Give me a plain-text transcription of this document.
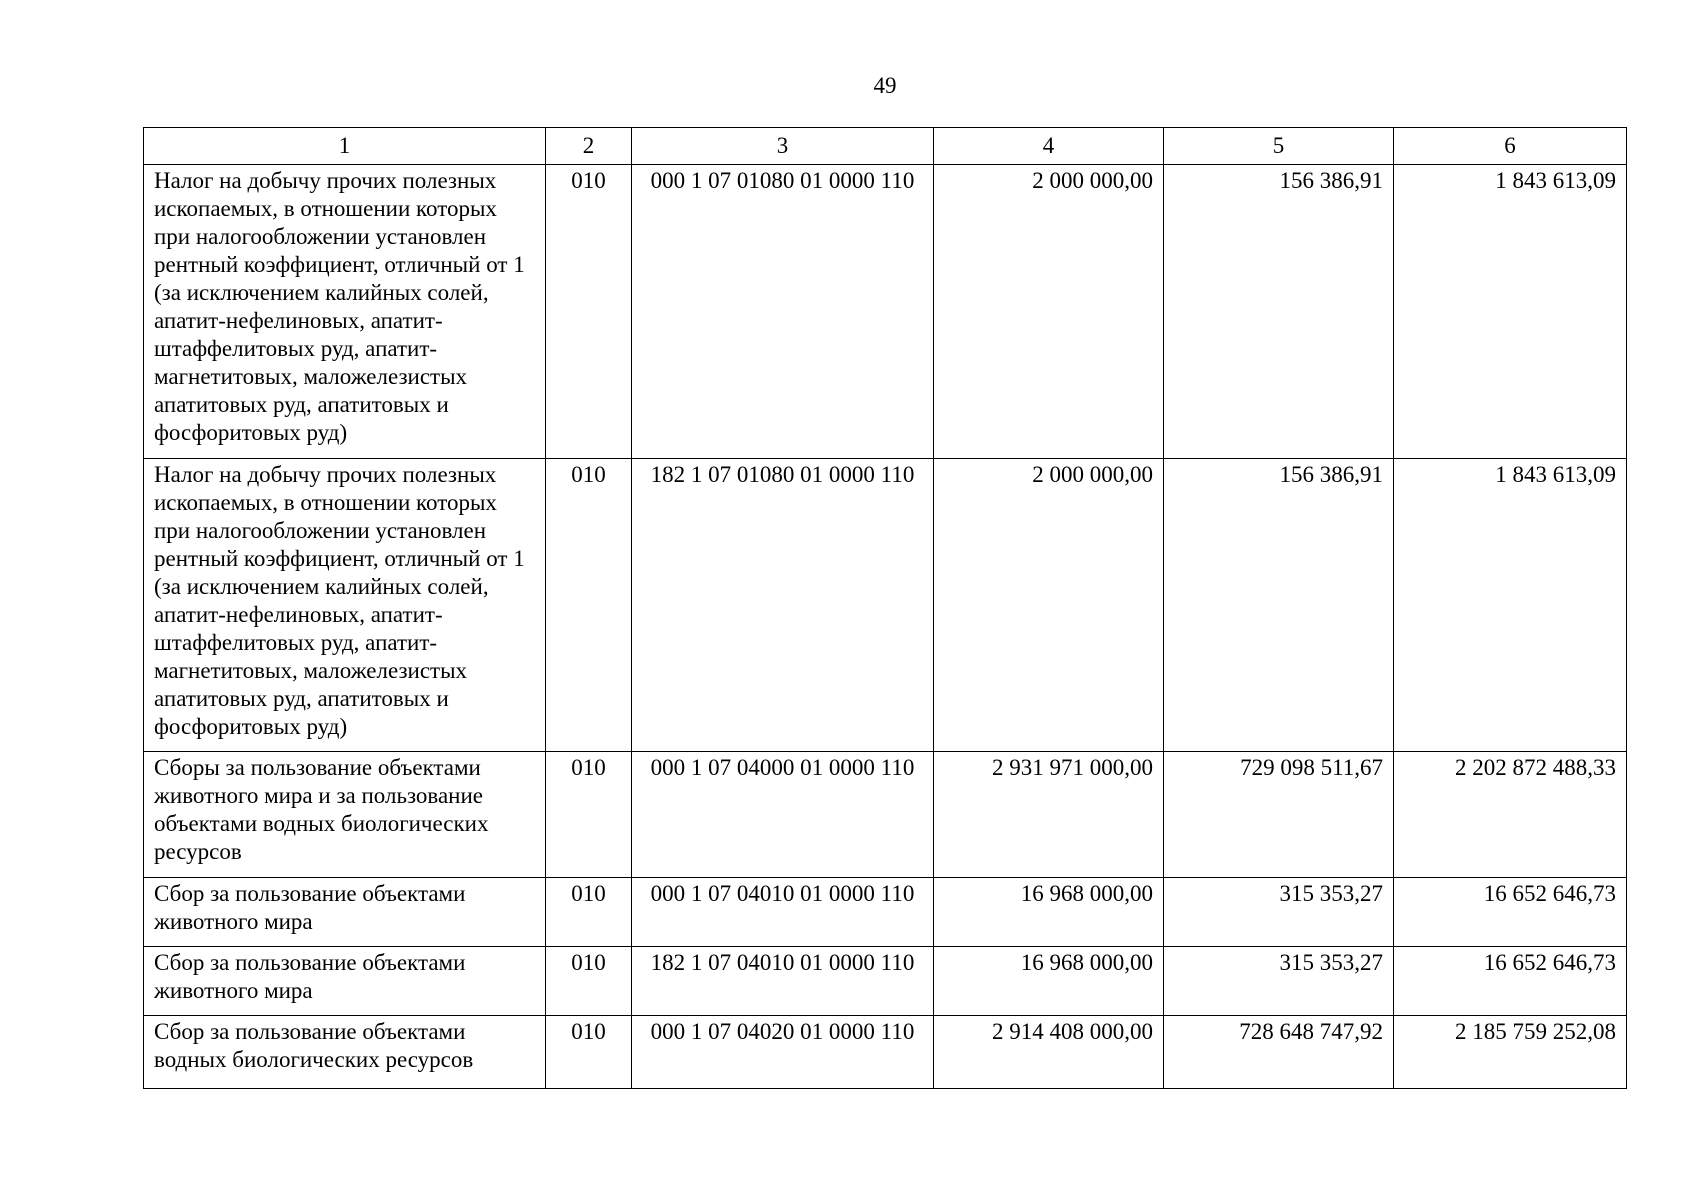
49
1	2	3	4	5	6
Налог на добычу прочих полезных ископаемых, в отношении которых при налогообложении установлен рентный коэффициент, отличный от 1 (за исключением калийных солей, апатит-нефелиновых, апатит-штаффелитовых руд, апатит-магнетитовых, маложелезистых апатитовых руд, апатитовых и фосфоритовых руд)	010	000 1 07 01080 01 0000 110	2 000 000,00	156 386,91	1 843 613,09
Налог на добычу прочих полезных ископаемых, в отношении которых при налогообложении установлен рентный коэффициент, отличный от 1 (за исключением калийных солей, апатит-нефелиновых, апатит-штаффелитовых руд, апатит-магнетитовых, маложелезистых апатитовых руд, апатитовых и фосфоритовых руд)	010	182 1 07 01080 01 0000 110	2 000 000,00	156 386,91	1 843 613,09
Сборы за пользование объектами животного мира и за пользование объектами водных биологических ресурсов	010	000 1 07 04000 01 0000 110	2 931 971 000,00	729 098 511,67	2 202 872 488,33
Сбор за пользование объектами животного мира	010	000 1 07 04010 01 0000 110	16 968 000,00	315 353,27	16 652 646,73
Сбор за пользование объектами животного мира	010	182 1 07 04010 01 0000 110	16 968 000,00	315 353,27	16 652 646,73
Сбор за пользование объектами водных биологических ресурсов	010	000 1 07 04020 01 0000 110	2 914 408 000,00	728 648 747,92	2 185 759 252,08
